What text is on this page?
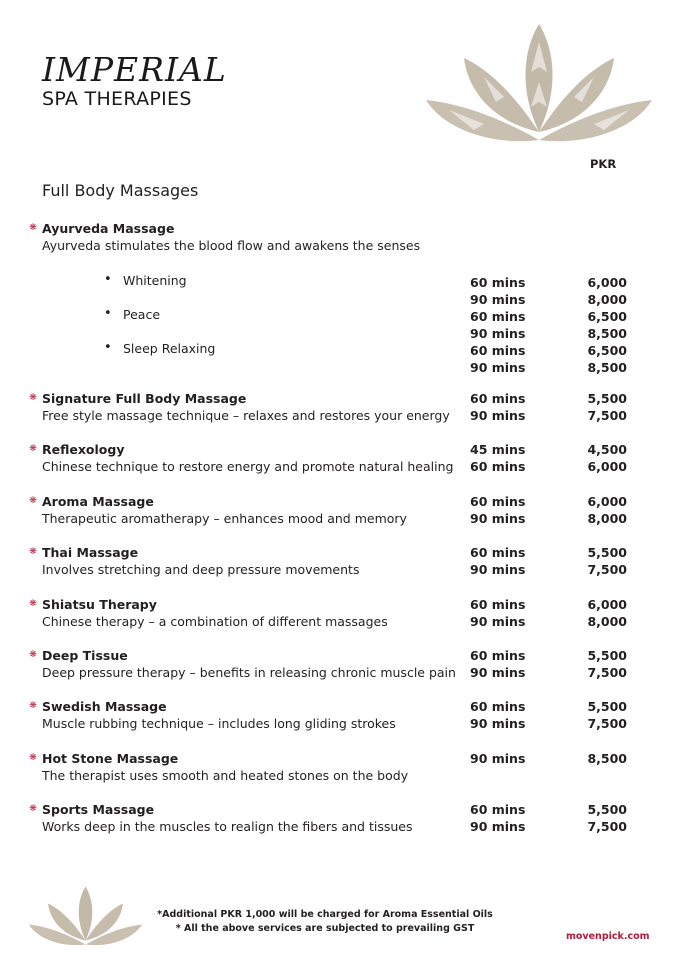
IMPERIAL
SPA THERAPIES
PKR
Full Body Massages
❋ Ayurveda Massage
Ayurveda stimulates the blood flow and awakens the senses
• Whitening	60 mins	6,000
90 mins	8,000
• Peace	60 mins	6,500
90 mins	8,500
• Sleep Relaxing	60 mins	6,500
90 mins	8,500
❋ Signature Full Body Massage
Free style massage technique – relaxes and restores your energy
60 mins	5,500
90 mins	7,500
❋ Reflexology
Chinese technique to restore energy and promote natural healing
45 mins	4,500
60 mins	6,000
❋ Aroma Massage
Therapeutic aromatherapy – enhances mood and memory
60 mins	6,000
90 mins	8,000
❋ Thai Massage
Involves stretching and deep pressure movements
60 mins	5,500
90 mins	7,500
❋ Shiatsu Therapy
Chinese therapy – a combination of different massages
60 mins	6,000
90 mins	8,000
❋ Deep Tissue
Deep pressure therapy – benefits in releasing chronic muscle pain
60 mins	5,500
90 mins	7,500
❋ Swedish Massage
Muscle rubbing technique – includes long gliding strokes
60 mins	5,500
90 mins	7,500
❋ Hot Stone Massage
The therapist uses smooth and heated stones on the body
90 mins	8,500
❋ Sports Massage
Works deep in the muscles to realign the fibers and tissues
60 mins	5,500
90 mins	7,500
*Additional PKR 1,000 will be charged for Aroma Essential Oils
* All the above services are subjected to prevailing GST
movenpick.com
